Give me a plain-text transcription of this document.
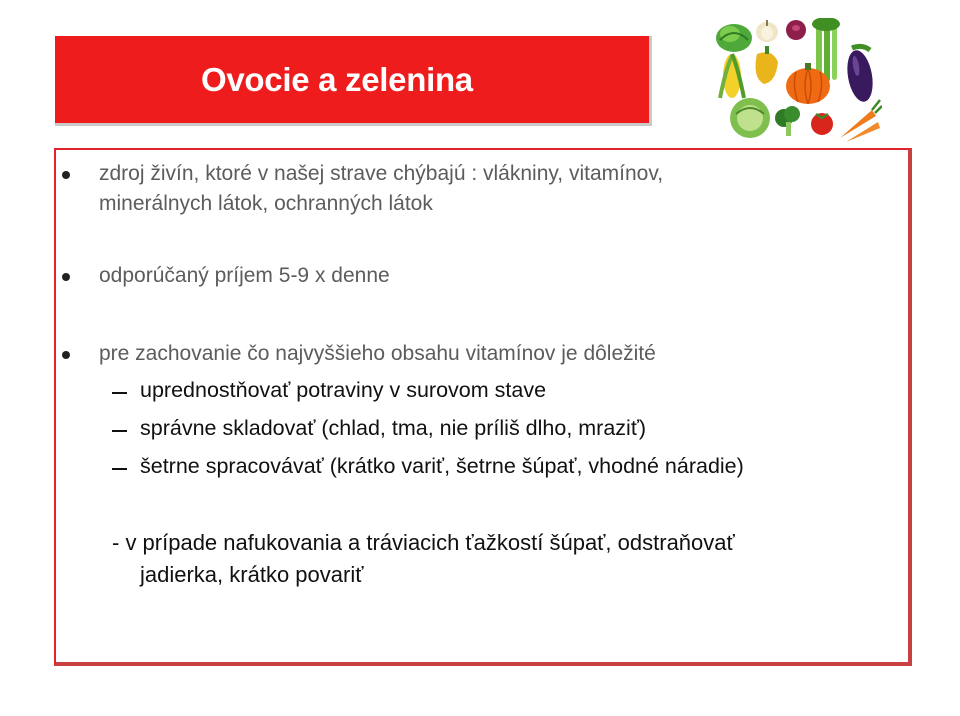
Ovocie a zelenina
zdroj živín, ktoré v našej strave chýbajú : vlákniny, vitamínov,
minerálnych látok, ochranných látok
odporúčaný príjem 5-9 x denne
pre zachovanie čo najvyššieho obsahu vitamínov je dôležité
uprednostňovať potraviny v surovom stave
správne skladovať (chlad, tma, nie príliš dlho, mraziť)
šetrne spracovávať (krátko variť, šetrne šúpať, vhodné náradie)
- v prípade nafukovania a tráviacich ťažkostí šúpať, odstraňovať
jadierka, krátko povariť
